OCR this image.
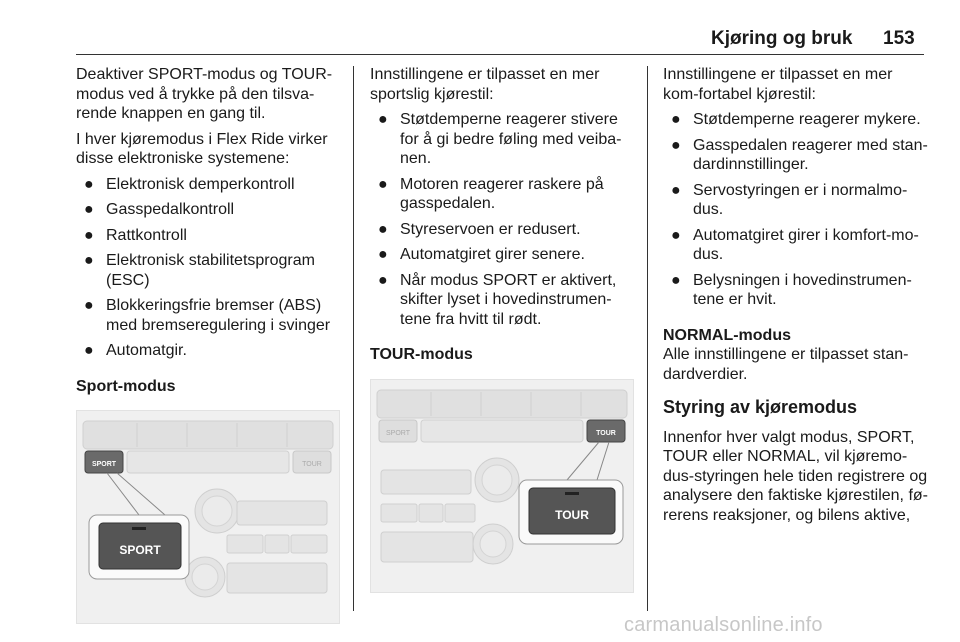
Kjøring og bruk 153

Deaktiver SPORT-modus og TOUR-modus ved å trykke på den tilsva-rende knappen en gang til.

I hver kjøremodus i Flex Ride virker disse elektroniske systemene:

● Elektronisk demperkontroll
● Gasspedalkontroll
● Rattkontroll
● Elektronisk stabilitetsprogram (ESC)
● Blokkeringsfrie bremser (ABS) med bremseregulering i svinger
● Automatgir.
Sport-modus
SPORT	TOUR
SPORT

Innstillingene er tilpasset en mer sportslig kjørestil:

● Støtdemperne reagerer stivere for å gi bedre føling med veiba-nen.
● Motoren reagerer raskere på gasspedalen.
● Styreservoen er redusert.
● Automatgiret girer senere.
● Når modus SPORT er aktivert, skifter lyset i hovedinstrumen-tene fra hvitt til rødt.
TOUR-modus
SPORT	TOUR
TOUR

Innstillingene er tilpasset en mer kom-fortabel kjørestil:

● Støtdemperne reagerer mykere.
● Gasspedalen reagerer med stan-dardinnstillinger.
● Servostyringen er i normalmo-dus.
● Automatgiret girer i komfort-mo-dus.
● Belysningen i hovedinstrumen-tene er hvit.
NORMAL-modus

Alle innstillingene er tilpasset stan-dardverdier.

Styring av kjøremodus

Innenfor hver valgt modus, SPORT, TOUR eller NORMAL, vil kjøremo-dus-styringen hele tiden registrere og analysere den faktiske kjørestilen, fø-rerens reaksjoner, og bilens aktive,

carmanualsonline.info
